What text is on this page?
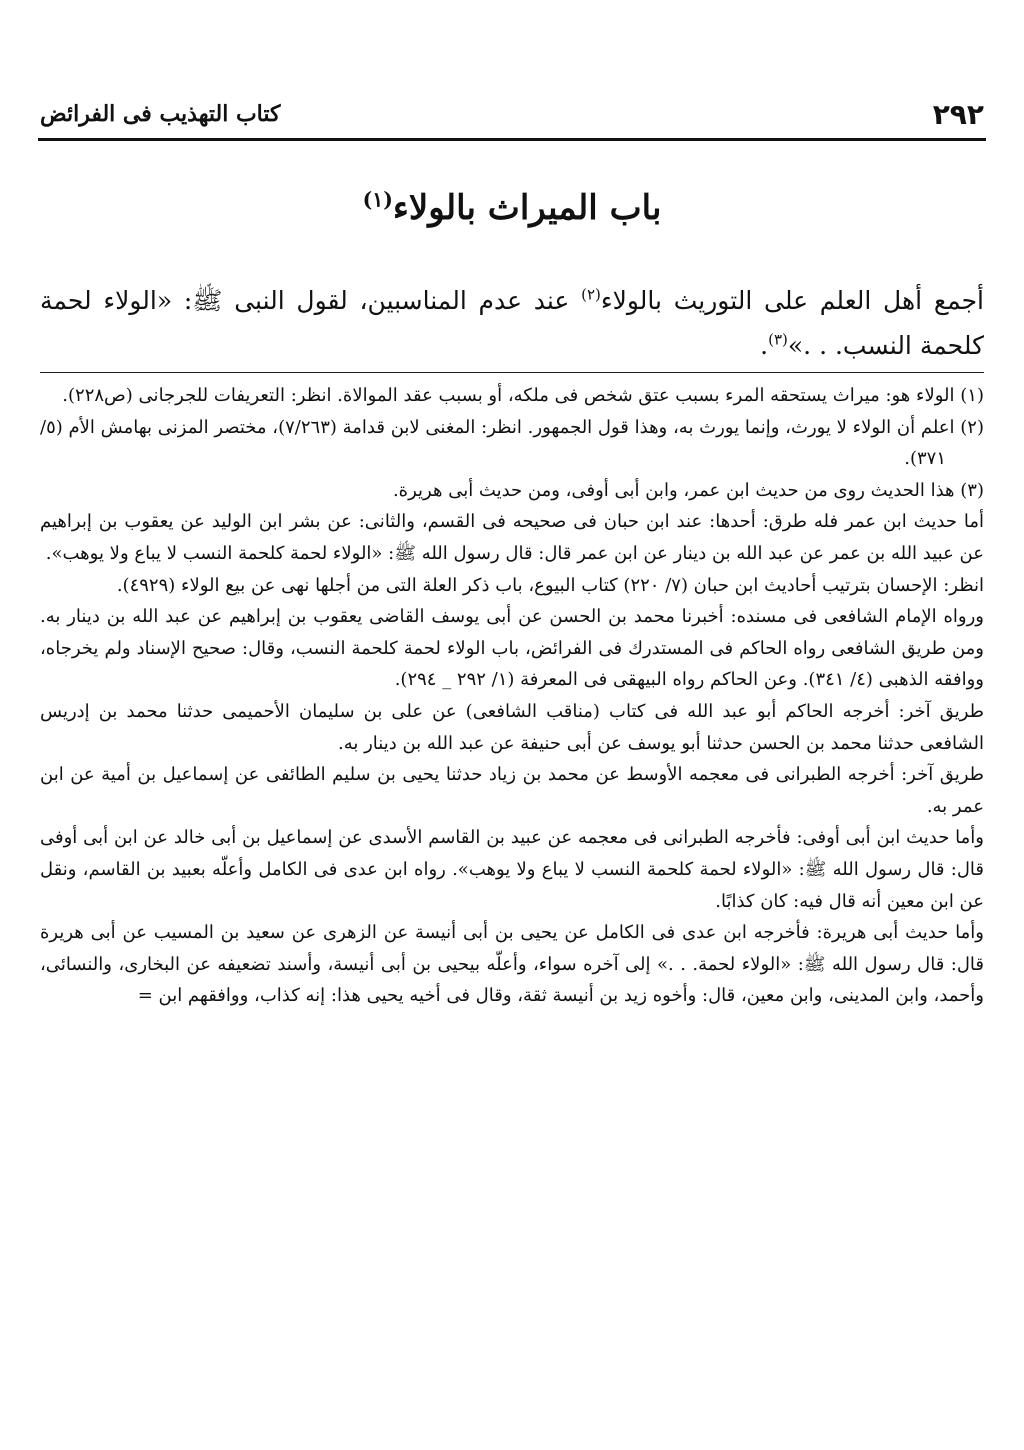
٢٩٢
كتاب التهذيب فى الفرائض
باب الميراث بالولاء$^{(١)}$

أجمع أهل العلم على التوريث بالولاء$^{(٢)}$ عند عدم المناسبين، لقول النبى ﷺ: «الولاء لحمة كلحمة النسب. . .»$^{(٣)}$.

(١) الولاء هو: ميراث يستحقه المرء بسبب عتق شخص فى ملكه، أو بسبب عقد الموالاة. انظر: التعريفات للجرجانى (ص٢٢٨).

(٢) اعلم أن الولاء لا يورث، وإنما يورث به، وهذا قول الجمهور. انظر: المغنى لابن قدامة (٧/٢٦٣)، مختصر المزنى بهامش الأم (٥/ ٣٧١).

(٣) هذا الحديث روى من حديث ابن عمر، وابن أبى أوفى، ومن حديث أبى هريرة.

أما حديث ابن عمر فله طرق: أحدها: عند ابن حبان فى صحيحه فى القسم، والثانى: عن بشر ابن الوليد عن يعقوب بن إبراهيم عن عبيد الله بن عمر عن عبد الله بن دينار عن ابن عمر قال: قال رسول الله ﷺ: «الولاء لحمة كلحمة النسب لا يباع ولا يوهب».

انظر: الإحسان بترتيب أحاديث ابن حبان (٧/ ٢٢٠) كتاب البيوع، باب ذكر العلة التى من أجلها نهى عن بيع الولاء (٤٩٢٩).

ورواه الإمام الشافعى فى مسنده: أخبرنا محمد بن الحسن عن أبى يوسف القاضى يعقوب بن إبراهيم عن عبد الله بن دينار به. ومن طريق الشافعى رواه الحاكم فى المستدرك فى الفرائض، باب الولاء لحمة كلحمة النسب، وقال: صحيح الإسناد ولم يخرجاه، ووافقه الذهبى (٤/ ٣٤١). وعن الحاكم رواه البيهقى فى المعرفة (١/ ٢٩٢ _ ٢٩٤).

طريق آخر: أخرجه الحاكم أبو عبد الله فى كتاب (مناقب الشافعى) عن على بن سليمان الأحميمى حدثنا محمد بن إدريس الشافعى حدثنا محمد بن الحسن حدثنا أبو يوسف عن أبى حنيفة عن عبد الله بن دينار به.

طريق آخر: أخرجه الطبرانى فى معجمه الأوسط عن محمد بن زياد حدثنا يحيى بن سليم الطائفى عن إسماعيل بن أمية عن ابن عمر به.

وأما حديث ابن أبى أوفى: فأخرجه الطبرانى فى معجمه عن عبيد بن القاسم الأسدى عن إسماعيل بن أبى خالد عن ابن أبى أوفى قال: قال رسول الله ﷺ: «الولاء لحمة كلحمة النسب لا يباع ولا يوهب». رواه ابن عدى فى الكامل وأعلّه بعبيد بن القاسم، ونقل عن ابن معين أنه قال فيه: كان كذابًا.

وأما حديث أبى هريرة: فأخرجه ابن عدى فى الكامل عن يحيى بن أبى أنيسة عن الزهرى عن سعيد بن المسيب عن أبى هريرة قال: قال رسول الله ﷺ: «الولاء لحمة. . .» إلى آخره سواء، وأعلّه بيحيى بن أبى أنيسة، وأسند تضعيفه عن البخارى، والنسائى، وأحمد، وابن المدينى، وابن معين، قال: وأخوه زيد بن أنيسة ثقة، وقال فى أخيه يحيى هذا: إنه كذاب، ووافقهم ابن =
